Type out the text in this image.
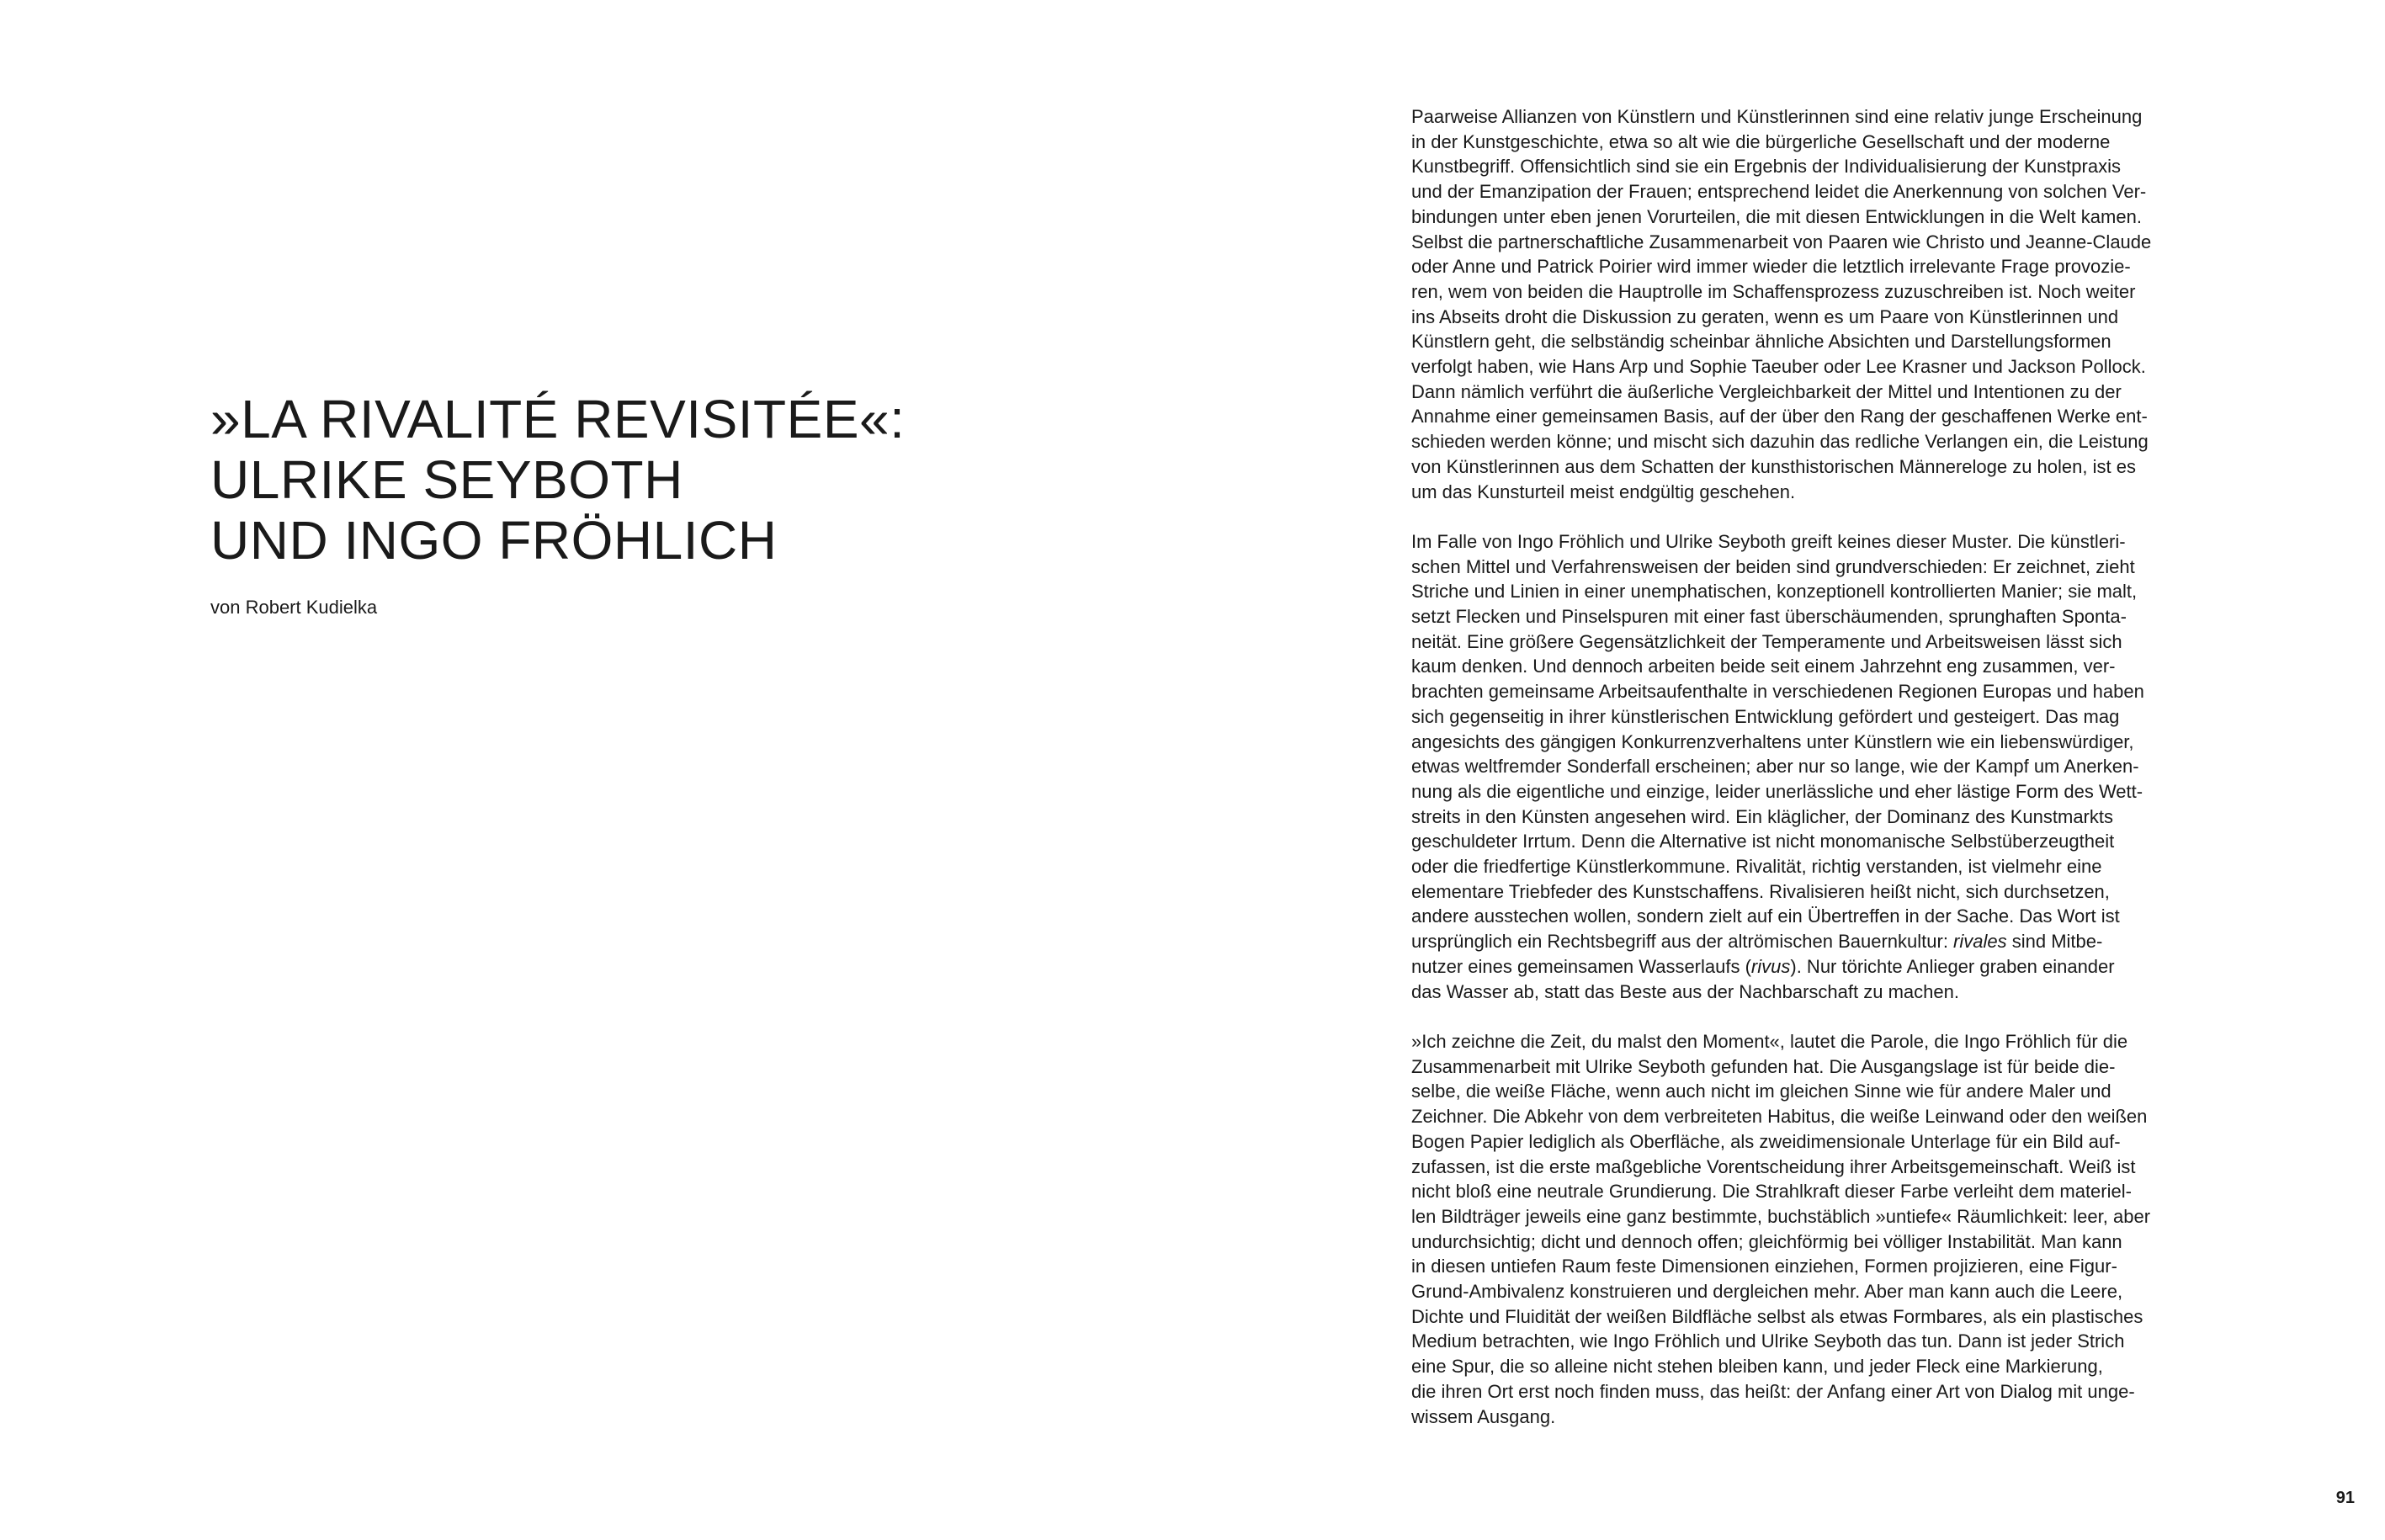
»LA RIVALITÉ REVISITÉE«:
ULRIKE SEYBOTH
UND INGO FRÖHLICH
von Robert Kudielka

Paarweise Allianzen von Künstlern und Künstlerinnen sind eine relativ junge Erscheinung
in der Kunstgeschichte, etwa so alt wie die bürgerliche Gesellschaft und der moderne
Kunstbegriff. Offensichtlich sind sie ein Ergebnis der Individualisierung der Kunstpraxis
und der Emanzipation der Frauen; entsprechend leidet die Anerkennung von solchen Ver-
bindungen unter eben jenen Vorurteilen, die mit diesen Entwicklungen in die Welt kamen.
Selbst die partnerschaftliche Zusammenarbeit von Paaren wie Christo und Jeanne-Claude
oder Anne und Patrick Poirier wird immer wieder die letztlich irrelevante Frage provozie-
ren, wem von beiden die Hauptrolle im Schaffensprozess zuzuschreiben ist. Noch weiter
ins Abseits droht die Diskussion zu geraten, wenn es um Paare von Künstlerinnen und
Künstlern geht, die selbständig scheinbar ähnliche Absichten und Darstellungsformen
verfolgt haben, wie Hans Arp und Sophie Taeuber oder Lee Krasner und Jackson Pollock.
Dann nämlich verführt die äußerliche Vergleichbarkeit der Mittel und Intentionen zu der
Annahme einer gemeinsamen Basis, auf der über den Rang der geschaffenen Werke ent-
schieden werden könne; und mischt sich dazuhin das redliche Verlangen ein, die Leistung
von Künstlerinnen aus dem Schatten der kunsthistorischen Männereloge zu holen, ist es
um das Kunsturteil meist endgültig geschehen.

Im Falle von Ingo Fröhlich und Ulrike Seyboth greift keines dieser Muster. Die künstleri-
schen Mittel und Verfahrensweisen der beiden sind grundverschieden: Er zeichnet, zieht
Striche und Linien in einer unemphatischen, konzeptionell kontrollierten Manier; sie malt,
setzt Flecken und Pinselspuren mit einer fast überschäumenden, sprunghaften Sponta-
neität. Eine größere Gegensätzlichkeit der Temperamente und Arbeitsweisen lässt sich
kaum denken. Und dennoch arbeiten beide seit einem Jahrzehnt eng zusammen, ver-
brachten gemeinsame Arbeitsaufenthalte in verschiedenen Regionen Europas und haben
sich gegenseitig in ihrer künstlerischen Entwicklung gefördert und gesteigert. Das mag
angesichts des gängigen Konkurrenzverhaltens unter Künstlern wie ein liebenswürdiger,
etwas weltfremder Sonderfall erscheinen; aber nur so lange, wie der Kampf um Anerken-
nung als die eigentliche und einzige, leider unerlässliche und eher lästige Form des Wett-
streits in den Künsten angesehen wird. Ein kläglicher, der Dominanz des Kunstmarkts
geschuldeter Irrtum. Denn die Alternative ist nicht monomanische Selbstüberzeugtheit
oder die friedfertige Künstlerkommune. Rivalität, richtig verstanden, ist vielmehr eine
elementare Triebfeder des Kunstschaffens. Rivalisieren heißt nicht, sich durchsetzen,
andere ausstechen wollen, sondern zielt auf ein Übertreffen in der Sache. Das Wort ist
ursprünglich ein Rechtsbegriff aus der altrömischen Bauernkultur: rivales sind Mitbe-
nutzer eines gemeinsamen Wasserlaufs (rivus). Nur törichte Anlieger graben einander
das Wasser ab, statt das Beste aus der Nachbarschaft zu machen.

»Ich zeichne die Zeit, du malst den Moment«, lautet die Parole, die Ingo Fröhlich für die
Zusammenarbeit mit Ulrike Seyboth gefunden hat. Die Ausgangslage ist für beide die-
selbe, die weiße Fläche, wenn auch nicht im gleichen Sinne wie für andere Maler und
Zeichner. Die Abkehr von dem verbreiteten Habitus, die weiße Leinwand oder den weißen
Bogen Papier lediglich als Oberfläche, als zweidimensionale Unterlage für ein Bild auf-
zufassen, ist die erste maßgebliche Vorentscheidung ihrer Arbeitsgemeinschaft. Weiß ist
nicht bloß eine neutrale Grundierung. Die Strahlkraft dieser Farbe verleiht dem materiel-
len Bildträger jeweils eine ganz bestimmte, buchstäblich »untiefe« Räumlichkeit: leer, aber
undurchsichtig; dicht und dennoch offen; gleichförmig bei völliger Instabilität. Man kann
in diesen untiefen Raum feste Dimensionen einziehen, Formen projizieren, eine Figur-
Grund-Ambivalenz konstruieren und dergleichen mehr. Aber man kann auch die Leere,
Dichte und Fluidität der weißen Bildfläche selbst als etwas Formbares, als ein plastisches
Medium betrachten, wie Ingo Fröhlich und Ulrike Seyboth das tun. Dann ist jeder Strich
eine Spur, die so alleine nicht stehen bleiben kann, und jeder Fleck eine Markierung,
die ihren Ort erst noch finden muss, das heißt: der Anfang einer Art von Dialog mit unge-
wissem Ausgang.

91
